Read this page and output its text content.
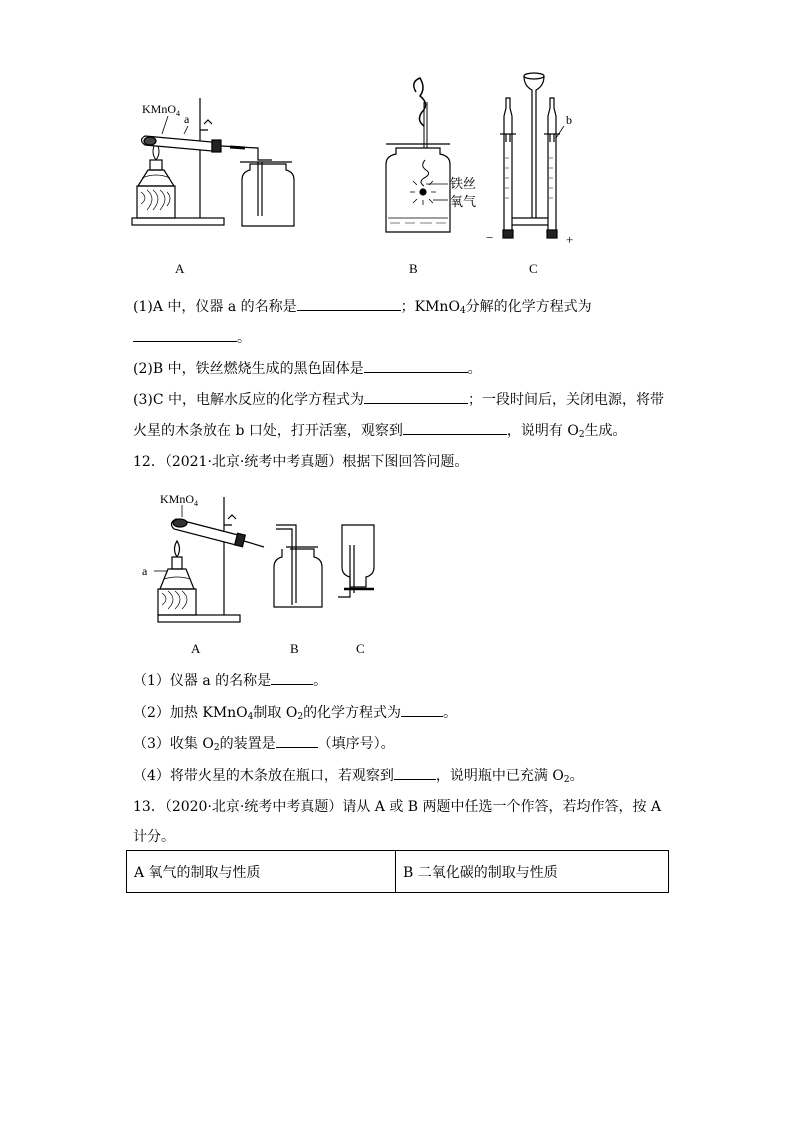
KMnO$_4$ a
铁丝
氧气
b
−	+
A	B	C
(1)A 中，仪器 a 的名称是	；KMnO$_4$分解的化学方程式为
。
(2)B 中，铁丝燃烧生成的黑色固体是	。
(3)C 中，电解水反应的化学方程式为	；一段时间后，关闭电源，将带
火星的木条放在 b 口处，打开活塞，观察到	，说明有 $O_2$生成。
12．（2021·北京·统考中考真题）根据下图回答问题。
KMnO$_4$
a
A	B	C
（1）仪器 a 的名称是	。
（2）加热 KMnO$_4$制取 $O_2$的化学方程式为	。
（3）收集 $O_2$的装置是	（填序号）。
（4）将带火星的木条放在瓶口，若观察到	，说明瓶中已充满 $O_2$。
13．（2020·北京·统考中考真题）请从 A 或 B 两题中任选一个作答，若均作答，按 A
计分。
A 氧气的制取与性质	B 二氧化碳的制取与性质
